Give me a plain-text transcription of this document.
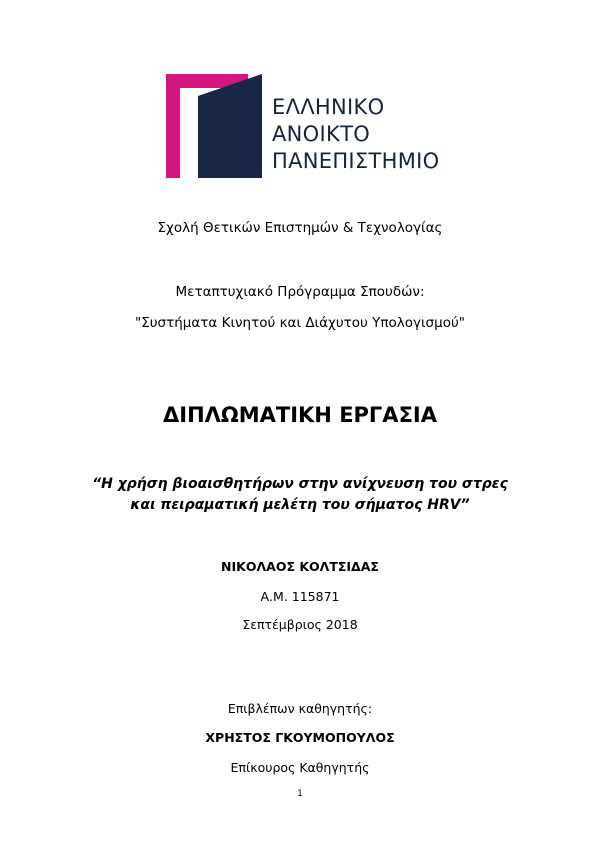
ΕΛΛΗΝΙΚΟ
ΑΝΟΙΚΤΟ
ΠΑΝΕΠΙΣΤΗΜΙΟ
Σχολή Θετικών Επιστημών & Τεχνολογίας
Μεταπτυχιακό Πρόγραμμα Σπουδών:
"Συστήματα Κινητού και Διάχυτου Υπολογισμού"
ΔΙΠΛΩΜΑΤΙΚΗ ΕΡΓΑΣΙΑ
“Η χρήση βιοαισθητήρων στην ανίχνευση του στρες
και πειραματική μελέτη του σήματος HRV”
ΝΙΚΟΛΑΟΣ ΚΟΛΤΣΙΔΑΣ
Α.Μ. 115871
Σεπτέμβριος 2018
Επιβλέπων καθηγητής:
ΧΡΗΣΤΟΣ ΓΚΟΥΜΟΠΟΥΛΟΣ
Επίκουρος Καθηγητής
1
